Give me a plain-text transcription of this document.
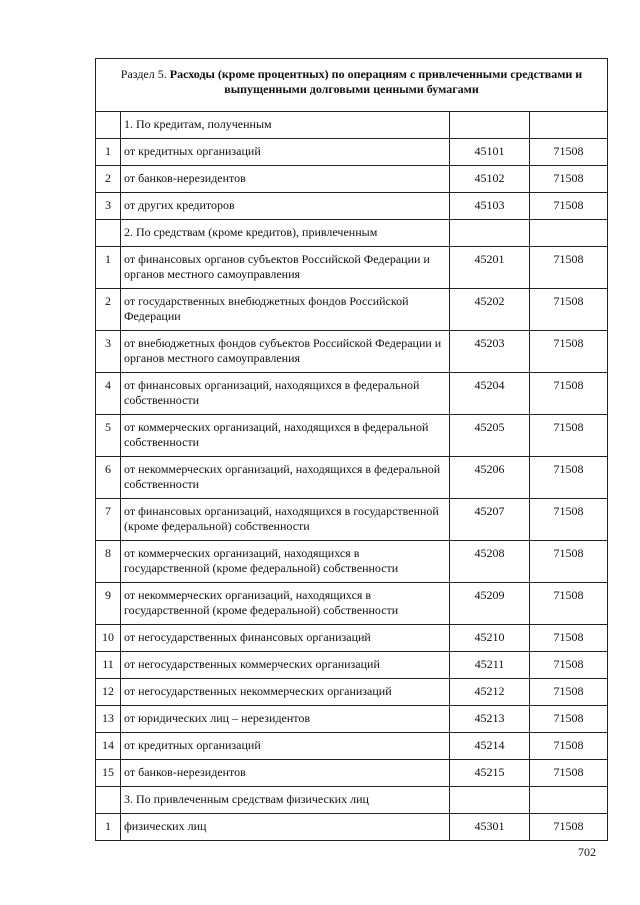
Раздел 5. Расходы (кроме процентных) по операциям с привлеченными средствами и выпущенными долговыми ценными бумагами			
	1. По кредитам, полученным		
1	от кредитных организаций	45101	71508
2	от банков-нерезидентов	45102	71508
3	от других кредиторов	45103	71508
	2. По средствам (кроме кредитов), привлеченным		
1	от финансовых органов субъектов Российской Федерации и органов местного самоуправления	45201	71508
2	от государственных внебюджетных фондов Российской Федерации	45202	71508
3	от внебюджетных фондов субъектов Российской Федерации и органов местного самоуправления	45203	71508
4	от финансовых организаций, находящихся в федеральной собственности	45204	71508
5	от коммерческих организаций, находящихся в федеральной собственности	45205	71508
6	от некоммерческих организаций, находящихся в федеральной собственности	45206	71508
7	от финансовых организаций, находящихся в государственной (кроме федеральной) собственности	45207	71508
8	от коммерческих организаций, находящихся в государственной (кроме федеральной) собственности	45208	71508
9	от некоммерческих организаций, находящихся в государственной (кроме федеральной) собственности	45209	71508
10	от негосударственных финансовых организаций	45210	71508
11	от негосударственных коммерческих организаций	45211	71508
12	от негосударственных некоммерческих организаций	45212	71508
13	от юридических лиц – нерезидентов	45213	71508
14	от кредитных организаций	45214	71508
15	от банков-нерезидентов	45215	71508
	3. По привлеченным средствам физических лиц		
1	физических лиц	45301	71508
702
